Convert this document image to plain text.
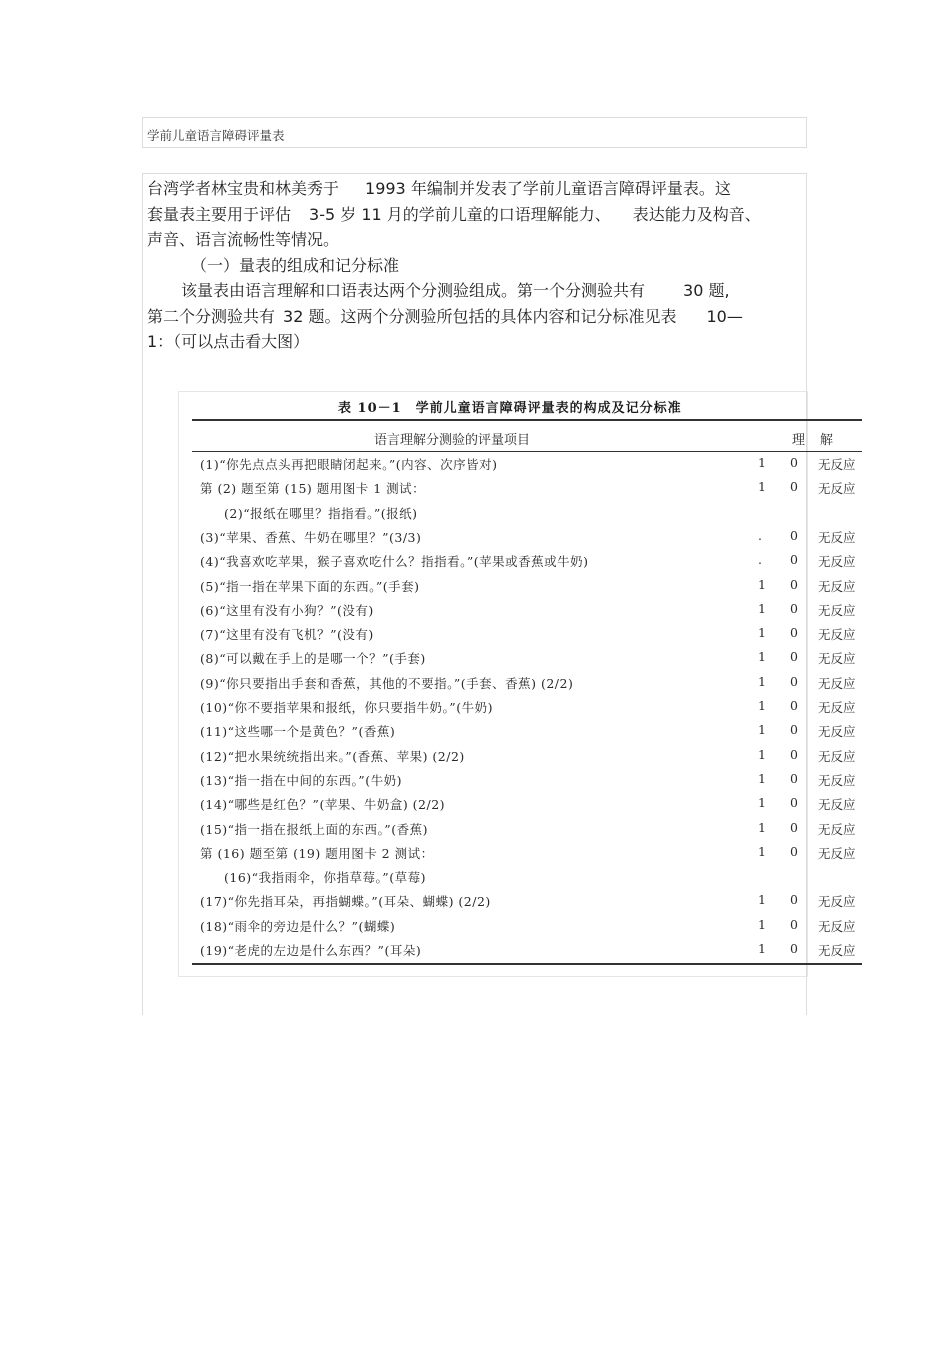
学前儿童语言障碍评量表
台湾学者林宝贵和林美秀于 1993 年编制并发表了学前儿童语言障碍评量表。这
套量表主要用于评估 3-5 岁 11 月的学前儿童的口语理解能力、 表达能力及构音、
声音、语言流畅性等情况。
（一）量表的组成和记分标准
该量表由语言理解和口语表达两个分测验组成。第一个分测验共有 30 题,
第二个分测验共有 32 题。这两个分测验所包括的具体内容和记分标准见表 10—
1：（可以点击看大图）
表 10－1　学前儿童语言障碍评量表的构成及记分标准
语言理解分测验的评量项目	理 解
(1)“你先点点头再把眼睛闭起来。”(内容、次序皆对)	1 0 无反应
第 (2) 题至第 (15) 题用图卡 1 测试：	1 0 无反应
(2)“报纸在哪里？指指看。”(报纸)
(3)“苹果、香蕉、牛奶在哪里？”(3/3)	. 0 无反应
(4)“我喜欢吃苹果，猴子喜欢吃什么？指指看。”(苹果或香蕉或牛奶)	. 0 无反应
(5)“指一指在苹果下面的东西。”(手套)	1 0 无反应
(6)“这里有没有小狗？”(没有)	1 0 无反应
(7)“这里有没有飞机？”(没有)	1 0 无反应
(8)“可以戴在手上的是哪一个？”(手套)	1 0 无反应
(9)“你只要指出手套和香蕉，其他的不要指。”(手套、香蕉) (2/2)	1 0 无反应
(10)“你不要指苹果和报纸，你只要指牛奶。”(牛奶)	1 0 无反应
(11)“这些哪一个是黄色？”(香蕉)	1 0 无反应
(12)“把水果统统指出来。”(香蕉、苹果) (2/2)	1 0 无反应
(13)“指一指在中间的东西。”(牛奶)	1 0 无反应
(14)“哪些是红色？”(苹果、牛奶盒) (2/2)	1 0 无反应
(15)“指一指在报纸上面的东西。”(香蕉)	1 0 无反应
第 (16) 题至第 (19) 题用图卡 2 测试：	1 0 无反应
(16)“我指雨伞，你指草莓。”(草莓)
(17)“你先指耳朵，再指蝴蝶。”(耳朵、蝴蝶) (2/2)	1 0 无反应
(18)“雨伞的旁边是什么？”(蝴蝶)	1 0 无反应
(19)“老虎的左边是什么东西？”(耳朵)	1 0 无反应
